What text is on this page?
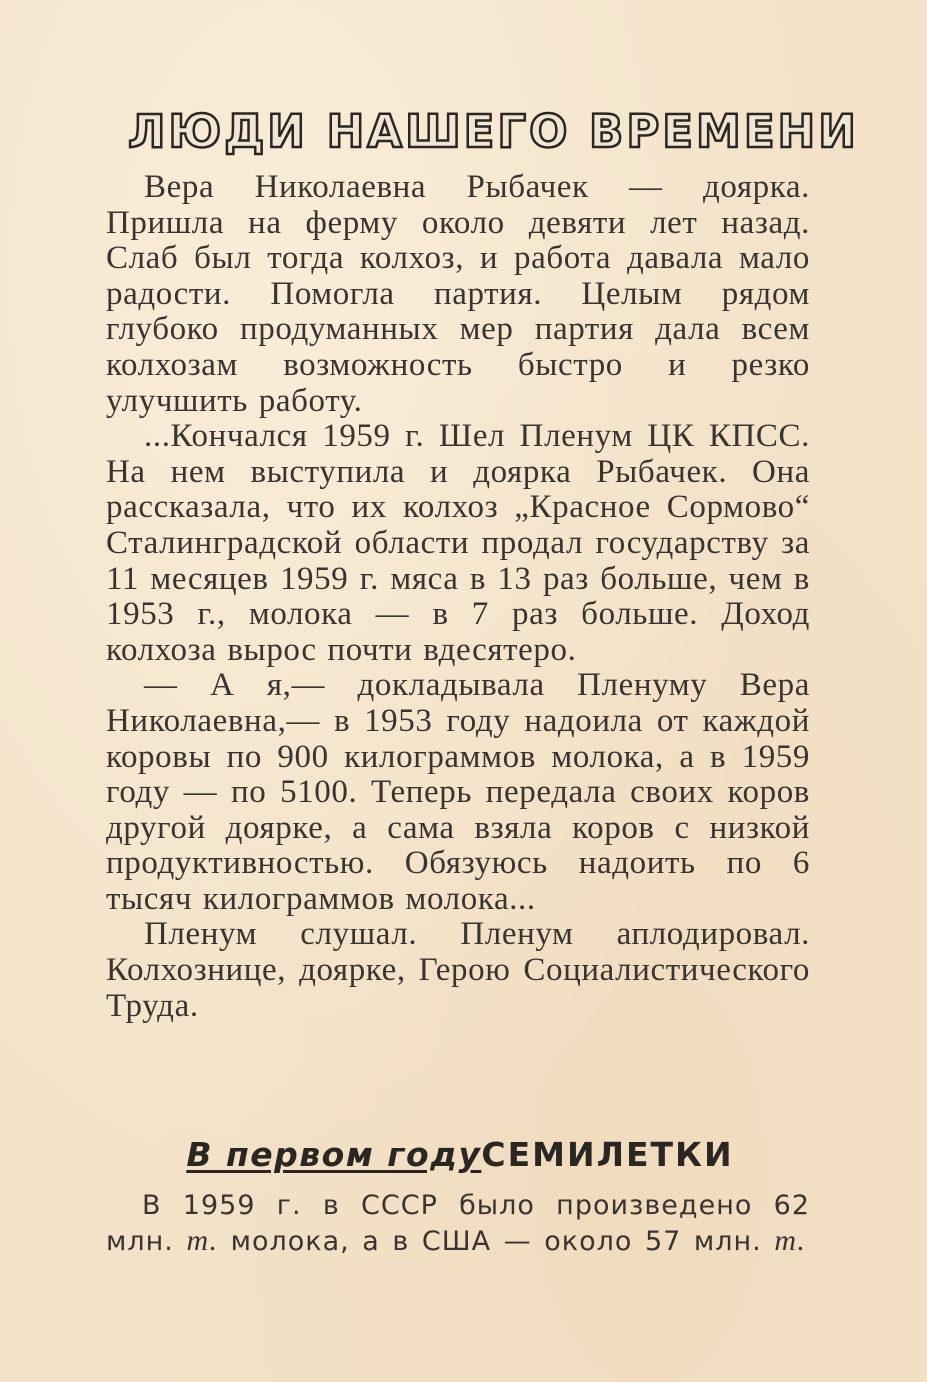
ЛЮДИ НАШЕГО ВРЕМЕНИ

Вера Николаевна Рыбачек — доярка. Пришла на ферму около девяти лет назад. Слаб был тогда колхоз, и работа давала мало радости. Помогла партия. Целым рядом глубоко продуманных мер партия дала всем колхозам возможность быстро и резко улучшить работу.

...Кончался 1959 г. Шел Пленум ЦК КПСС. На нем выступила и доярка Рыбачек. Она рассказала, что их колхоз „Красное Сормово“ Сталинградской области продал государству за 11 месяцев 1959 г. мяса в 13 раз больше, чем в 1953 г., молока — в 7 раз больше. Доход колхоза вырос почти вдесятеро.

— А я,— докладывала Пленуму Вера Николаевна,— в 1953 году надоила от каждой коровы по 900 килограммов молока, а в 1959 году — по 5100. Теперь передала своих коров другой доярке, а сама взяла коров с низкой продуктивностью. Обязуюсь надоить по 6 тысяч килограммов молока...

Пленум слушал. Пленум аплодировал. Колхознице, доярке, Герою Социалистического Труда.

В первом годуСЕМИЛЕТКИ

В 1959 г. в СССР было произведено 62 млн. т. молока, а в США — около 57 млн. т.
